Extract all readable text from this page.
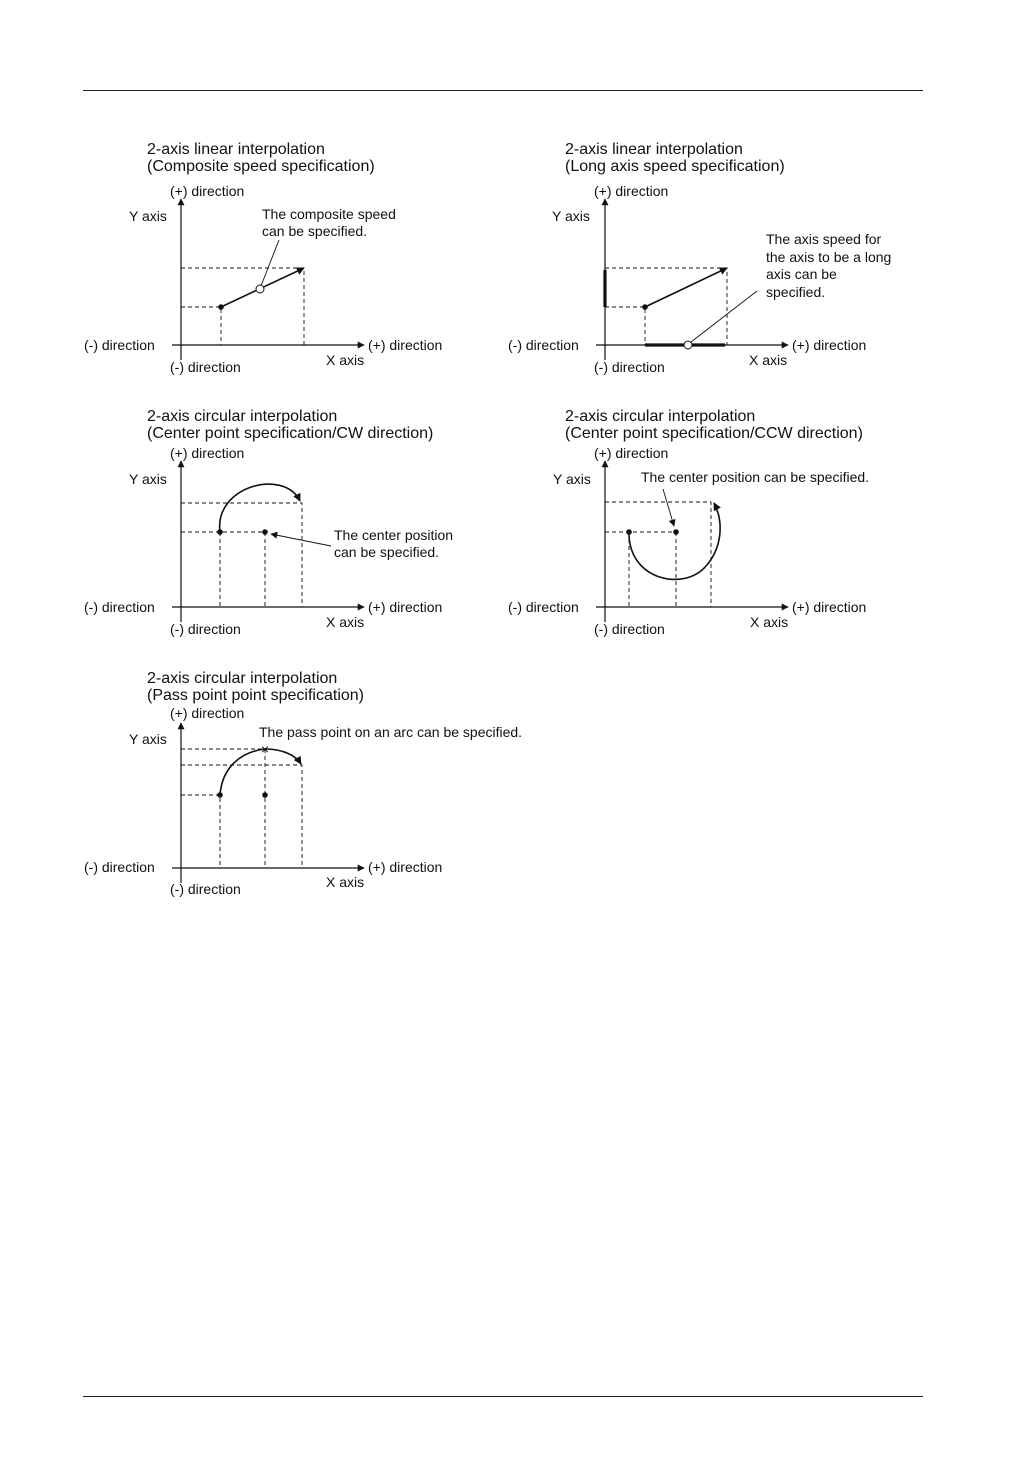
2-axis linear interpolation
(Composite speed specification)
(+) direction
Y axis
(-) direction	(+) direction
(-) direction	X axis
The composite speed
can be specified.
2-axis linear interpolation
(Long axis speed specification)
(+) direction
Y axis
(-) direction	(+) direction
(-) direction	X axis
The axis speed for
the axis to be a long
axis can be
specified.
2-axis circular interpolation
(Center point specification/CW direction)
(+) direction
Y axis
(-) direction	(+) direction
(-) direction	X axis
The center position
can be specified.
2-axis circular interpolation
(Center point specification/CCW direction)
(+) direction
Y axis
(-) direction	(+) direction
(-) direction	X axis
The center position can be specified.
2-axis circular interpolation
(Pass point point specification)
(+) direction
Y axis
(-) direction	(+) direction
(-) direction	X axis
The pass point on an arc can be specified.
×
